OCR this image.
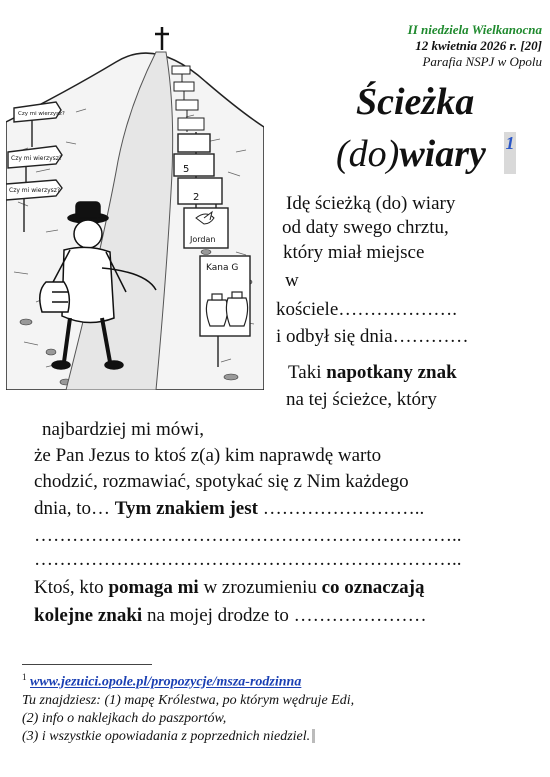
Czy mi wierzysz?
Czy mi wierzysz?
Czy mi wierzysz?
5
2
Jordan
Kana G
II niedziela Wielkanocna
12 kwietnia 2026 r. [20]
Parafia NSPJ w Opolu
Ścieżka
(do)wiary 1
Idę ścieżką (do) wiary
od daty swego chrztu,
który miał miejsce
w
kościele……………….
i odbył się dnia…………
Taki napotkany znak
na tej ścieżce, który
najbardziej mi mówi,
że Pan Jezus to ktoś z(a) kim naprawdę warto
chodzić, rozmawiać, spotykać się z Nim każdego
dnia, to… Tym znakiem jest ……………………..
…………………………………………………………..
…………………………………………………………..
Ktoś, kto pomaga mi w zrozumieniu co oznaczają
kolejne znaki na mojej drodze to …………………
$^1$ www.jezuici.opole.pl/propozycje/msza-rodzinna
Tu znajdziesz: (1) mapę Królestwa, po którym wędruje Edi,
(2) info o naklejkach do paszportów,
(3) i wszystkie opowiadania z poprzednich niedziel.
